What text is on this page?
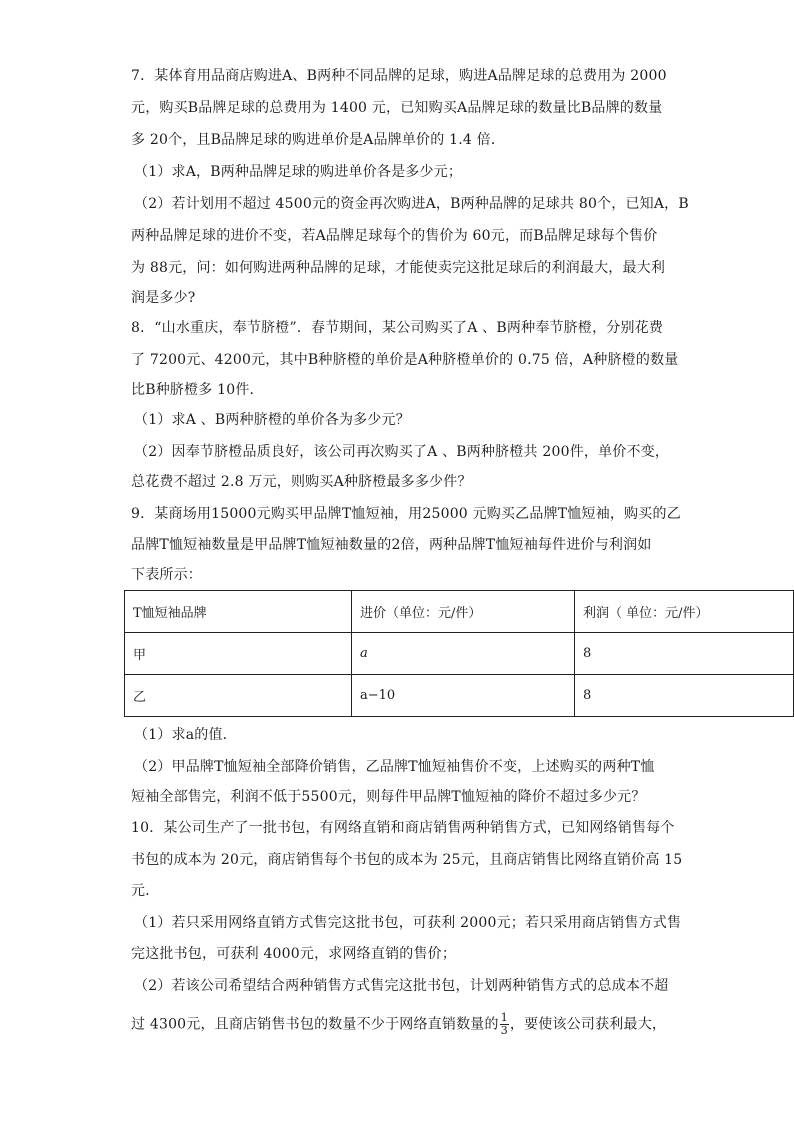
7．某体育用品商店购进A、B两种不同品牌的足球，购进A品牌足球的总费用为 2000
元，购买B品牌足球的总费用为 1400 元，已知购买A品牌足球的数量比B品牌的数量
多 20个，且B品牌足球的购进单价是A品牌单价的 1.4 倍．
（1）求A，B两种品牌足球的购进单价各是多少元；
（2）若计划用不超过 4500元的资金再次购进A，B两种品牌的足球共 80个，已知A，B
两种品牌足球的进价不变，若A品牌足球每个的售价为 60元，而B品牌足球每个售价
为 88元，问：如何购进两种品牌的足球，才能使卖完这批足球后的利润最大，最大利
润是多少?
8．“山水重庆，奉节脐橙”．春节期间，某公司购买了A 、B两种奉节脐橙，分别花费
了 7200元、4200元，其中B种脐橙的单价是A种脐橙单价的 0.75 倍，A种脐橙的数量
比B种脐橙多 10件．
（1）求A 、B两种脐橙的单价各为多少元？
（2）因奉节脐橙品质良好，该公司再次购买了A 、B两种脐橙共 200件，单价不变，
总花费不超过 2.8 万元，则购买A种脐橙最多多少件？
9．某商场用15000元购买甲品牌T恤短袖，用25000 元购买乙品牌T恤短袖，购买的乙
品牌T恤短袖数量是甲品牌T恤短袖数量的2倍，两种品牌T恤短袖每件进价与利润如
下表所示：
T恤短袖品牌	进价（单位：元/件）	利润（ 单位：元/件）
甲	a	8
乙	a−10	8
（1）求a的值．
（2）甲品牌T恤短袖全部降价销售，乙品牌T恤短袖售价不变，上述购买的两种T恤
短袖全部售完，利润不低于5500元，则每件甲品牌T恤短袖的降价不超过多少元？
10．某公司生产了一批书包，有网络直销和商店销售两种销售方式，已知网络销售每个
书包的成本为 20元，商店销售每个书包的成本为 25元，且商店销售比网络直销价高 15
元．
（1）若只采用网络直销方式售完这批书包，可获利 2000元；若只采用商店销售方式售
完这批书包，可获利 4000元，求网络直销的售价；
（2）若该公司希望结合两种销售方式售完这批书包，计划两种销售方式的总成本不超
过 4300元，且商店销售书包的数量不少于网络直销数量的 $\frac{1}{3}$ ，要使该公司获利最大，
